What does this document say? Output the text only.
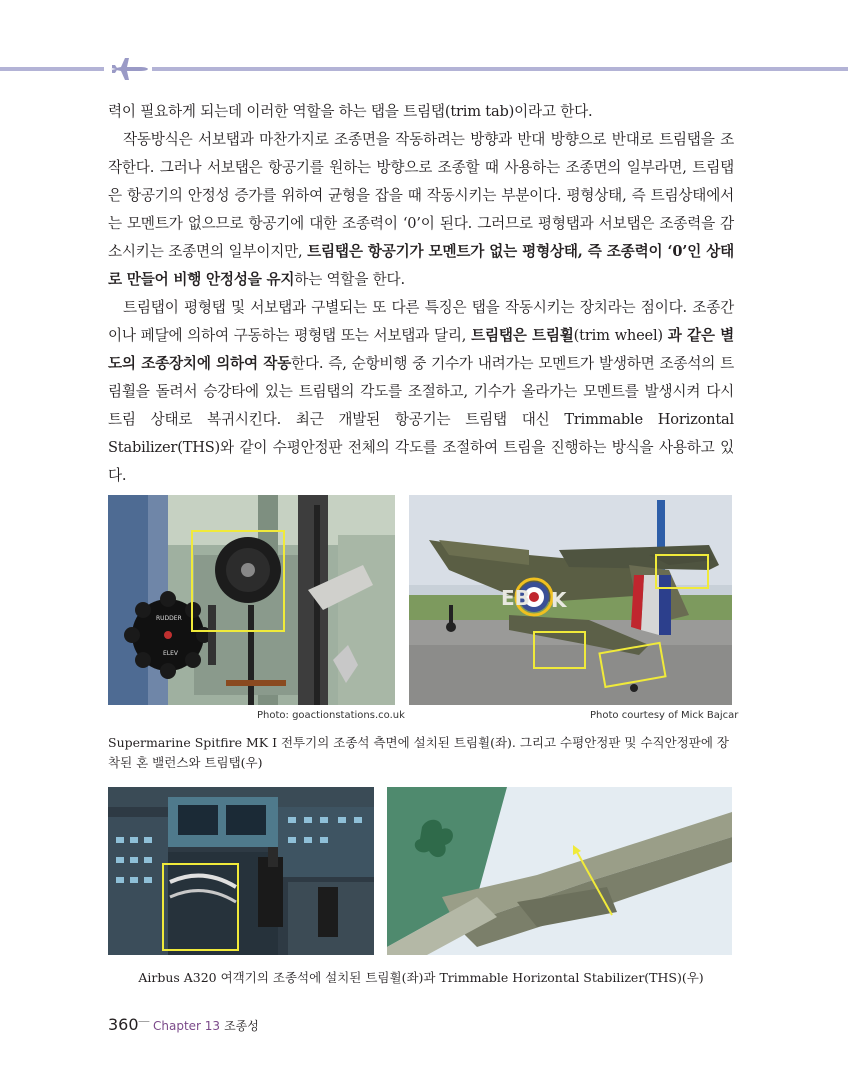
력이 필요하게 되는데 이러한 역할을 하는 탭을 트림탭(trim tab)이라고 한다.

작동방식은 서보탭과 마찬가지로 조종면을 작동하려는 방향과 반대 방향으로 반대로 트림탭을 조작한다. 그러나 서보탭은 항공기를 원하는 방향으로 조종할 때 사용하는 조종면의 일부라면, 트림탭은 항공기의 안정성 증가를 위하여 균형을 잡을 때 작동시키는 부분이다. 평형상태, 즉 트림상태에서는 모멘트가 없으므로 항공기에 대한 조종력이 ‘0’이 된다. 그러므로 평형탭과 서보탭은 조종력을 감소시키는 조종면의 일부이지만, 트림탭은 항공기가 모멘트가 없는 평형상태, 즉 조종력이 ‘0’인 상태로 만들어 비행 안정성을 유지하는 역할을 한다.

트림탭이 평형탭 및 서보탭과 구별되는 또 다른 특징은 탭을 작동시키는 장치라는 점이다. 조종간이나 페달에 의하여 구동하는 평형탭 또는 서보탭과 달리, 트림탭은 트림휠(trim wheel) 과 같은 별도의 조종장치에 의하여 작동한다. 즉, 순항비행 중 기수가 내려가는 모멘트가 발생하면 조종석의 트림휠을 돌려서 승강타에 있는 트림탭의 각도를 조절하고, 기수가 올라가는 모멘트를 발생시켜 다시 트림 상태로 복귀시킨다. 최근 개발된 항공기는 트림탭 대신 Trimmable Horizontal Stabilizer(THS)와 같이 수평안정판 전체의 각도를 조절하여 트림을 진행하는 방식을 사용하고 있다.

RUDDER
ELEV
EB K
Photo: goactionstations.co.uk	Photo courtesy of Mick Bajcar
Supermarine Spitfire MK I 전투기의 조종석 측면에 설치된 트림휠(좌). 그리고 수평안정판 및 수직안정판에 장착된 혼 밸런스와 트림탭(우)
Airbus A320 여객기의 조종석에 설치된 트림휠(좌)과 Trimmable Horizontal Stabilizer(THS)(우)
360 — Chapter 13 조종성
